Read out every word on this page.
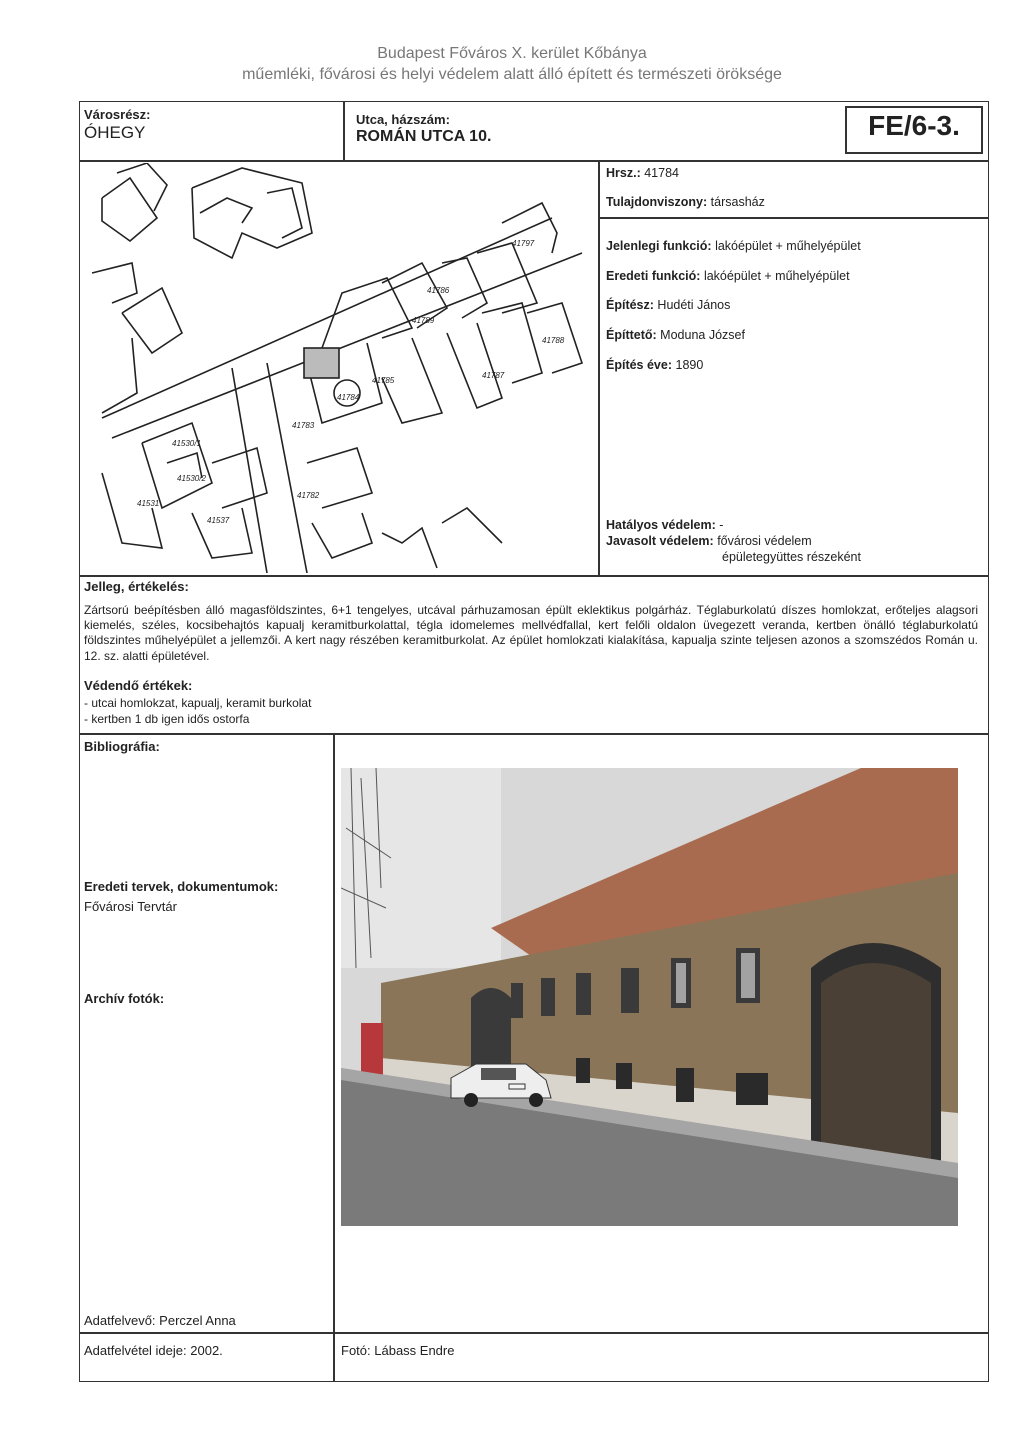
Budapest Főváros X. kerület Kőbánya
műemléki, fővárosi és helyi védelem alatt álló épített és természeti öröksége
FE/6-3.
Városrész:
ÓHEGY
Utca, házszám:
ROMÁN UTCA 10.
41784
41783
41782
41785
41786
41787
41530/1
41530/2
41531
41537
41797
41788
41789
Hrsz.: 41784
Tulajdonviszony: társasház
Jelenlegi funkció: lakóépület + műhelyépület
Eredeti funkció: lakóépület + műhelyépület
Építész: Hudéti János
Építtető: Moduna József
Építés éve: 1890
Hatályos védelem: -
Javasolt védelem: fővárosi védelem
épületegyüttes részeként
Jelleg, értékelés:
Zártsorú beépítésben álló magasföldszintes, 6+1 tengelyes, utcával párhuzamosan épült eklektikus polgárház. Téglaburkolatú díszes homlokzat, erőteljes alagsori kiemelés, széles, kocsibehajtós kapualj keramitburkolattal, tégla idomelemes mellvédfallal, kert felőli oldalon üvegezett veranda, kertben önálló téglaburkolatú földszintes műhelyépület a jellemzői. A kert nagy részében keramitburkolat. Az épület homlokzati kialakítása, kapualja szinte teljesen azonos a szomszédos Román u. 12. sz. alatti épületével.
Védendő értékek:
- utcai homlokzat, kapualj, keramit burkolat
- kertben 1 db igen idős ostorfa
Bibliográfia:
Eredeti tervek, dokumentumok:
Fővárosi Tervtár
Archív fotók:
Adatfelvevő: Perczel Anna
Adatfelvétel ideje: 2002.	Fotó: Lábass Endre
